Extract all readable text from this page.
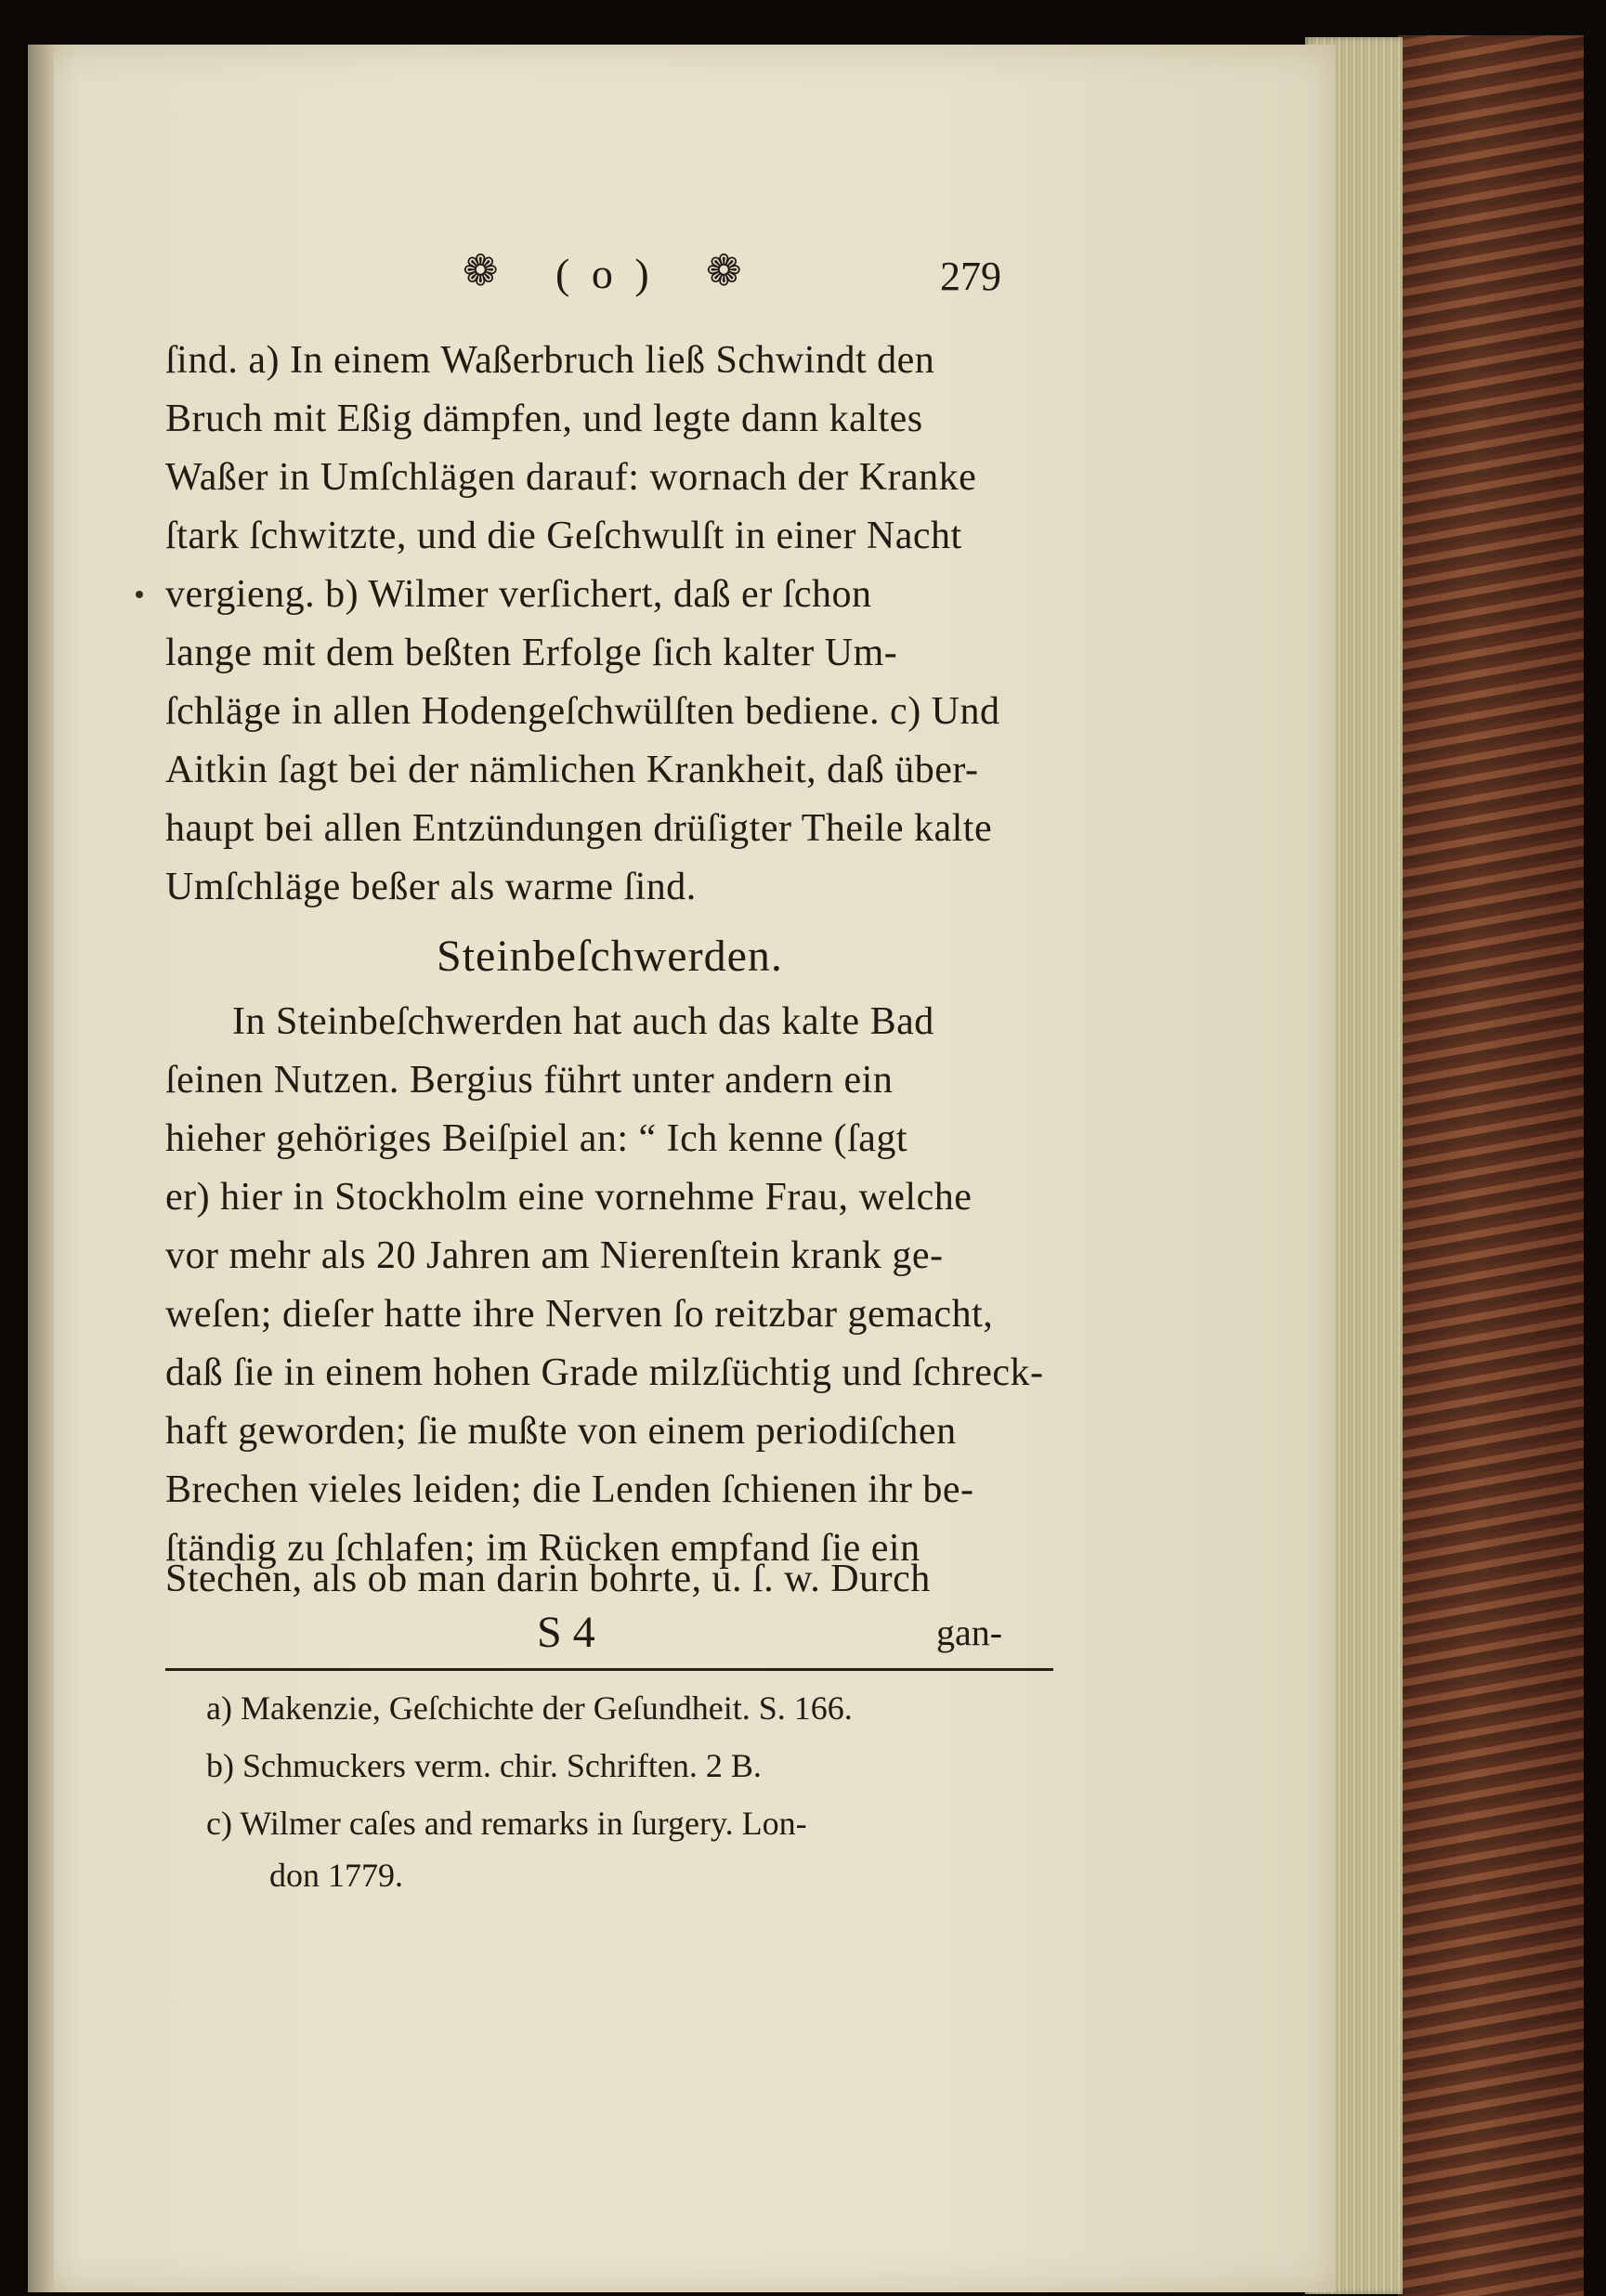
❁ ( o ) ❁	279
ſind. a) In einem Waßerbruch ließ Schwindt den
Bruch mit Eßig dämpfen, und legte dann kaltes
Waßer in Umſchlägen darauf: wornach der Kranke
ſtark ſchwitzte, und die Geſchwulſt in einer Nacht
vergieng. b) Wilmer verſichert, daß er ſchon
lange mit dem beßten Erfolge ſich kalter Um-
ſchläge in allen Hodengeſchwülſten bediene. c) Und
Aitkin ſagt bei der nämlichen Krankheit, daß über-
haupt bei allen Entzündungen drüſigter Theile kalte
Umſchläge beßer als warme ſind.
Steinbeſchwerden.
In Steinbeſchwerden hat auch das kalte Bad
ſeinen Nutzen. Bergius führt unter andern ein
hieher gehöriges Beiſpiel an: “ Ich kenne (ſagt
er) hier in Stockholm eine vornehme Frau, welche
vor mehr als 20 Jahren am Nierenſtein krank ge-
weſen; dieſer hatte ihre Nerven ſo reitzbar gemacht,
daß ſie in einem hohen Grade milzſüchtig und ſchreck-
haft geworden; ſie mußte von einem periodiſchen
Brechen vieles leiden; die Lenden ſchienen ihr be-
ſtändig zu ſchlafen; im Rücken empfand ſie ein
Stechen, als ob man darin bohrte, u. ſ. w. Durch
S 4	gan-
a) Makenzie, Geſchichte der Geſundheit. S. 166.
b) Schmuckers verm. chir. Schriften. 2 B.
c) Wilmer caſes and remarks in ſurgery. Lon-
don 1779.
